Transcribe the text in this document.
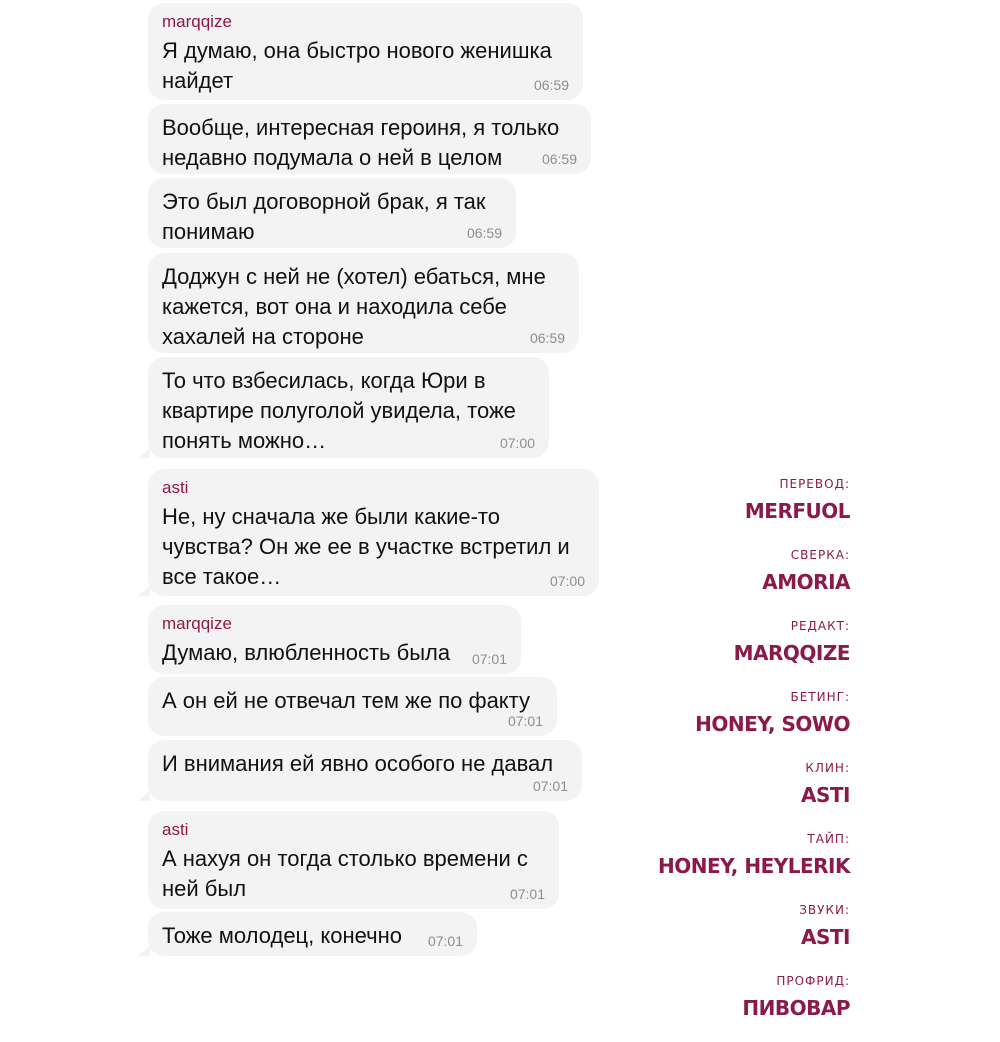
marqqize
Я думаю, она быстро нового женишка
найдет	06:59
Вообще, интересная героиня, я только
недавно подумала о ней в целом	06:59
Это был договорной брак, я так
понимаю	06:59
Доджун с ней не (хотел) ебаться, мне
кажется, вот она и находила себе
хахалей на стороне	06:59
То что взбесилась, когда Юри в
квартире полуголой увидела, тоже
понять можно…	07:00
asti
Не, ну сначала же были какие-то
чувства? Он же ее в участке встретил и
все такое…	07:00
marqqize
Думаю, влюбленность была	07:01
А он ей не отвечал тем же по факту
07:01
И внимания ей явно особого не давал
07:01
asti
А нахуя он тогда столько времени с
ней был	07:01
Тоже молодец, конечно	07:01
ПЕРЕВОД:
MERFUOL
СВЕРКА:
AMORIA
РЕДАКТ:
MARQQIZE
БЕТИНГ:
HONEY, SOWO
КЛИН:
ASTI
ТАЙП:
HONEY, HEYLERIK
ЗВУКИ:
ASTI
ПРОФРИД:
ПИВОВАР
